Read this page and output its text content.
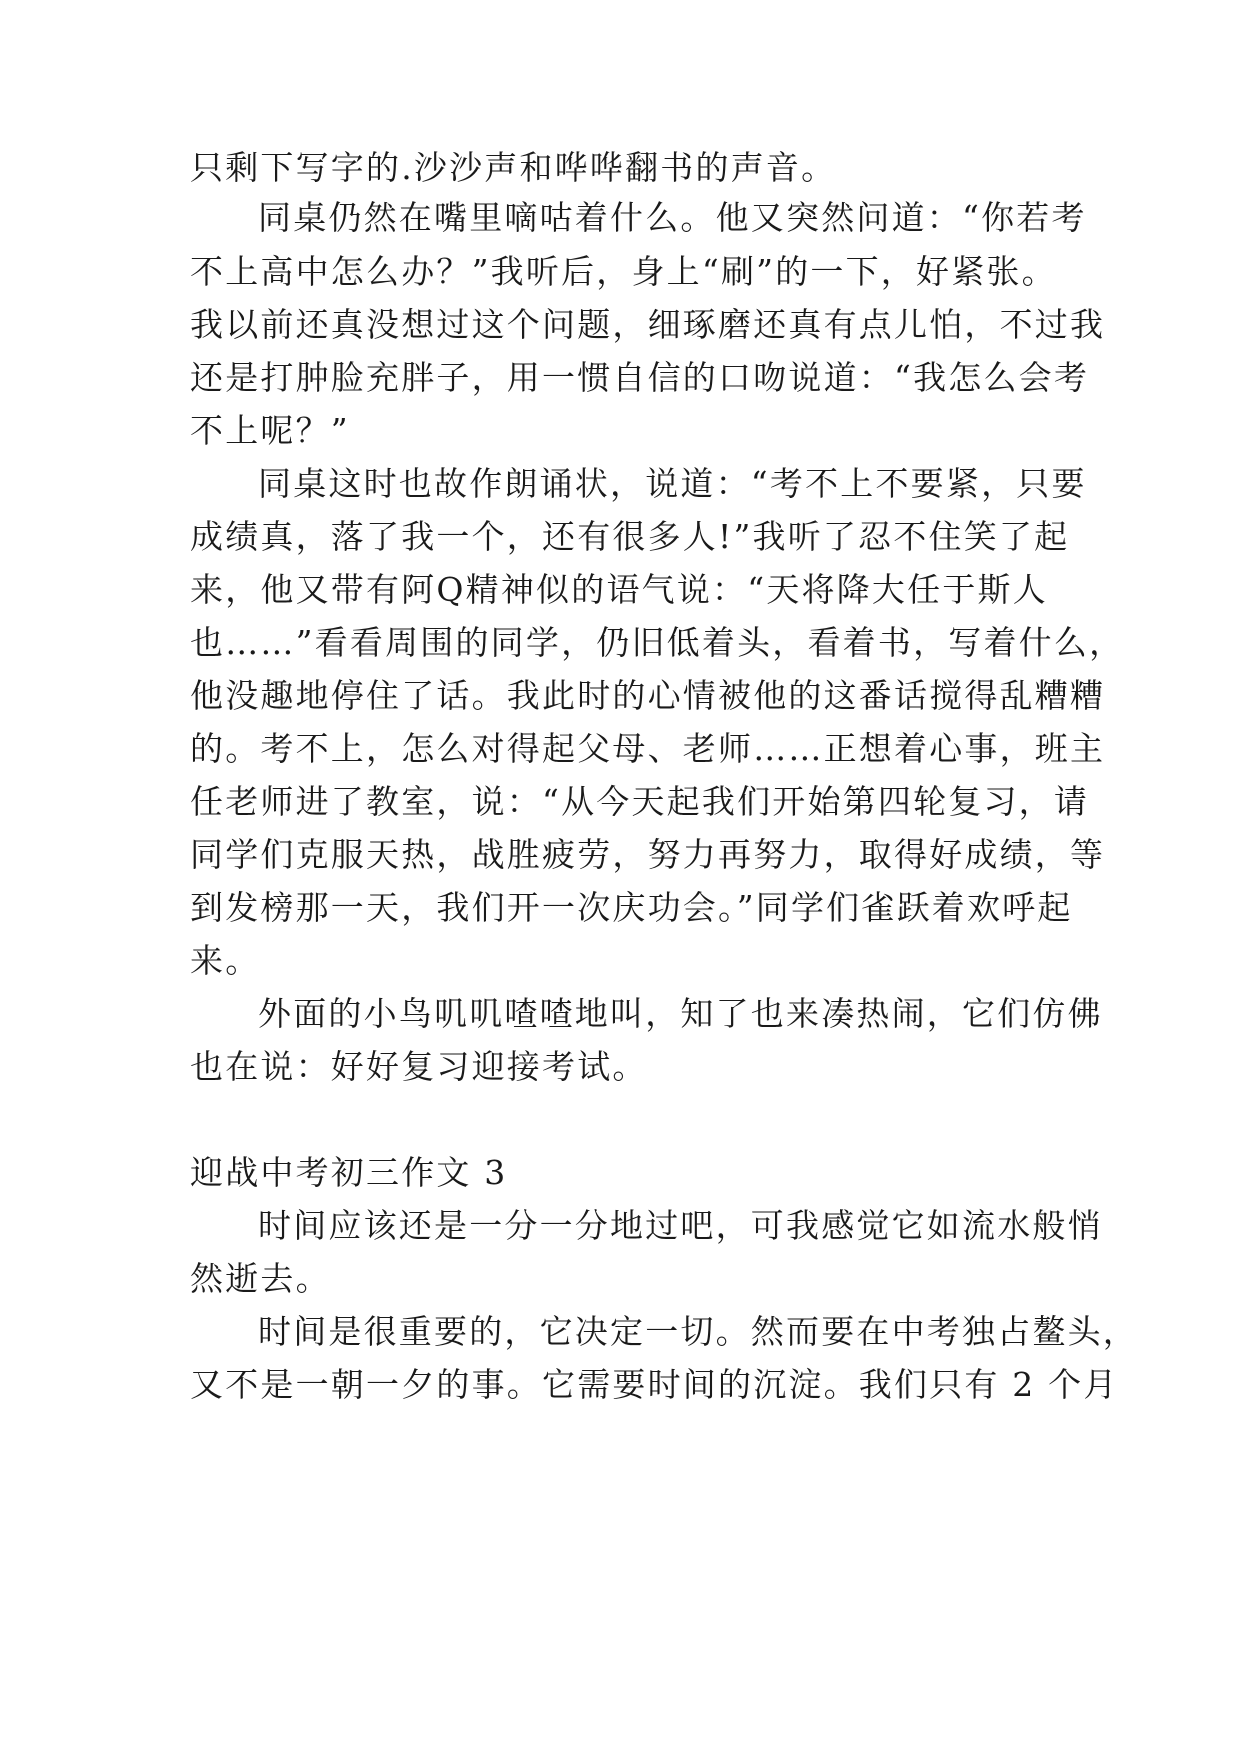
只剩下写字的.沙沙声和哗哗翻书的声音。
同桌仍然在嘴里嘀咕着什么。他又突然问道：“你若考
不上高中怎么办？”我听后，身上“刷”的一下，好紧张。
我以前还真没想过这个问题，细琢磨还真有点儿怕，不过我
还是打肿脸充胖子，用一惯自信的口吻说道：“我怎么会考
不上呢？”
同桌这时也故作朗诵状，说道：“考不上不要紧，只要
成绩真，落了我一个，还有很多人!”我听了忍不住笑了起
来，他又带有阿Q精神似的语气说：“天将降大任于斯人
也……”看看周围的同学，仍旧低着头，看着书，写着什么，
他没趣地停住了话。我此时的心情被他的这番话搅得乱糟糟
的。考不上，怎么对得起父母、老师……正想着心事，班主
任老师进了教室，说：“从今天起我们开始第四轮复习，请
同学们克服天热，战胜疲劳，努力再努力，取得好成绩，等
到发榜那一天，我们开一次庆功会。”同学们雀跃着欢呼起
来。
外面的小鸟叽叽喳喳地叫，知了也来凑热闹，它们仿佛
也在说：好好复习迎接考试。
迎战中考初三作文 3
时间应该还是一分一分地过吧，可我感觉它如流水般悄
然逝去。
时间是很重要的，它决定一切。然而要在中考独占鳌头，
又不是一朝一夕的事。它需要时间的沉淀。我们只有 2 个月
